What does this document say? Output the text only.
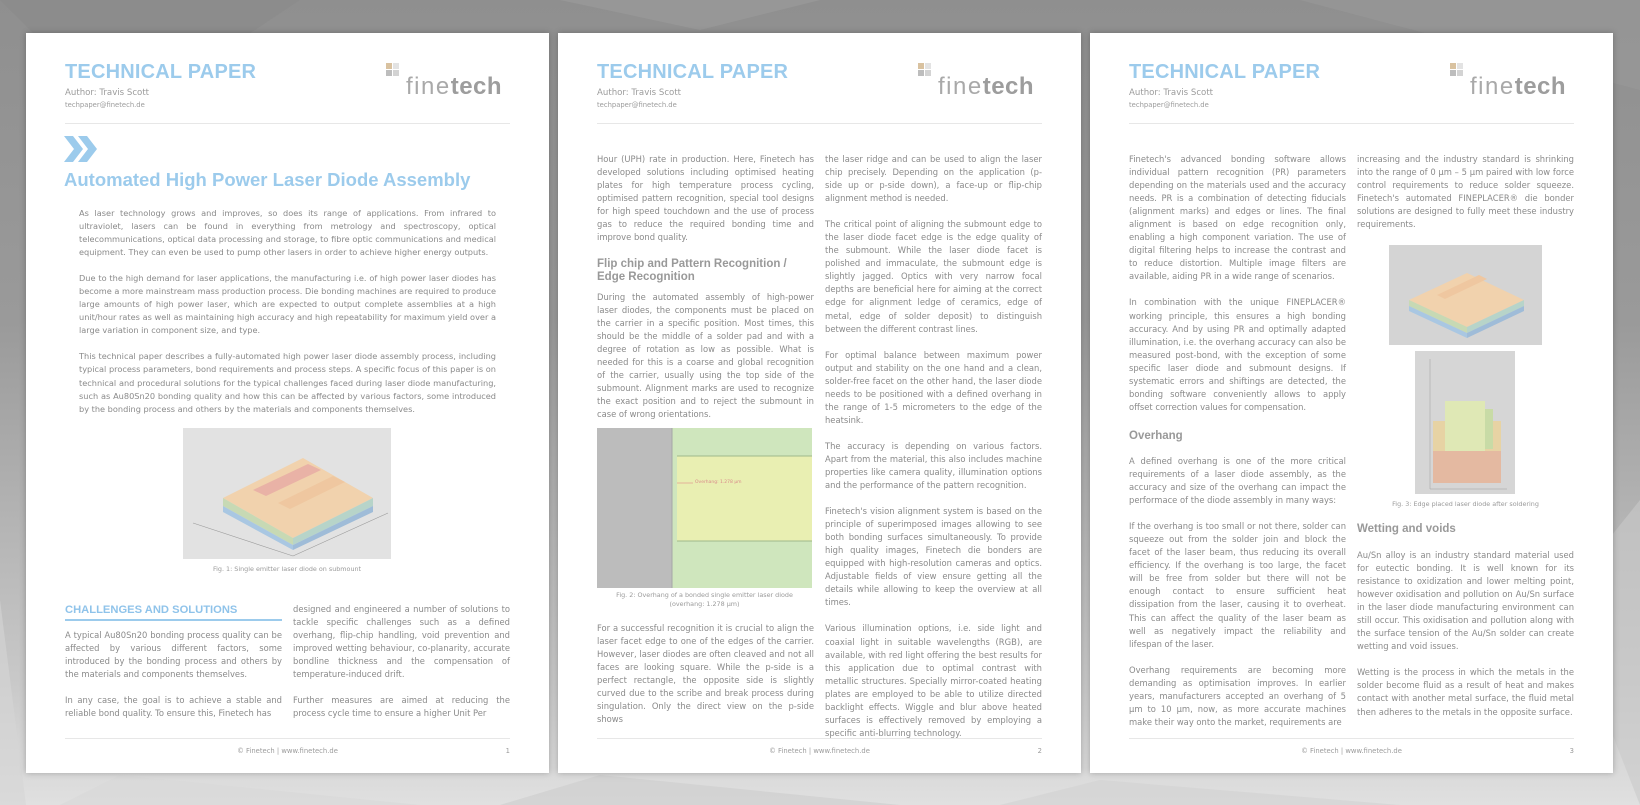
TECHNICAL PAPER
Author: Travis Scott
techpaper@finetech.de
finetech
Automated High Power Laser Diode Assembly

As laser technology grows and improves, so does its range of applications. From infrared to ultraviolet, lasers can be found in everything from metrology and spectroscopy, optical telecommunications, optical data processing and storage, to fibre optic communications and medical equipment. They can even be used to pump other lasers in order to achieve higher energy outputs.

Due to the high demand for laser applications, the manufacturing i.e. of high power laser diodes has become a more mainstream mass production process. Die bonding machines are required to produce large amounts of high power laser, which are expected to output complete assemblies at a high unit/hour rates as well as maintaining high accuracy and high repeatability for maximum yield over a large variation in component size, and type.

This technical paper describes a fully-automated high power laser diode assembly process, including typical process parameters, bond requirements and process steps. A specific focus of this paper is on technical and procedural solutions for the typical challenges faced during laser diode manufacturing, such as Au80Sn20 bonding quality and how this can be affected by various factors, some introduced by the bonding process and others by the materials and components themselves.

Fig. 1: Single emitter laser diode on submount
CHALLENGES AND SOLUTIONS

A typical Au80Sn20 bonding process quality can be affected by various different factors, some introduced by the bonding process and others by the materials and components themselves.

In any case, the goal is to achieve a stable and reliable bond quality. To ensure this, Finetech has

designed and engineered a number of solutions to tackle specific challenges such as a defined overhang, flip-chip handling, void prevention and improved wetting behaviour, co-planarity, accurate bondline thickness and the compensation of temperature-induced drift.

Further measures are aimed at reducing the process cycle time to ensure a higher Unit Per

© Finetech | www.finetech.de	1
TECHNICAL PAPER
Author: Travis Scott
techpaper@finetech.de
finetech

Hour (UPH) rate in production. Here, Finetech has developed solutions including optimised heating plates for high temperature process cycling, optimised pattern recognition, special tool designs for high speed touchdown and the use of process gas to reduce the required bonding time and improve bond quality.

Flip chip and Pattern Recognition / Edge Recognition

During the automated assembly of high-power laser diodes, the components must be placed on the carrier in a specific position. Most times, this should be the middle of a solder pad and with a degree of rotation as low as possible. What is needed for this is a coarse and global recognition of the carrier, usually using the top side of the submount. Alignment marks are used to recognize the exact position and to reject the submount in case of wrong orientations.

Overhang: 1.278 µm
Fig. 2: Overhang of a bonded single emitter laser diode (overhang: 1.278 µm)

For a successful recognition it is crucial to align the laser facet edge to one of the edges of the carrier. However, laser diodes are often cleaved and not all faces are looking square. While the p-side is a perfect rectangle, the opposite side is slightly curved due to the scribe and break process during singulation. Only the direct view on the p-side shows

the laser ridge and can be used to align the laser chip precisely. Depending on the application (p-side up or p-side down), a face-up or flip-chip alignment method is needed.

The critical point of aligning the submount edge to the laser diode facet edge is the edge quality of the submount. While the laser diode facet is polished and immaculate, the submount edge is slightly jagged. Optics with very narrow focal depths are beneficial here for aiming at the correct edge for alignment ledge of ceramics, edge of metal, edge of solder deposit) to distinguish between the different contrast lines.

For optimal balance between maximum power output and stability on the one hand and a clean, solder-free facet on the other hand, the laser diode needs to be positioned with a defined overhang in the range of 1-5 micrometers to the edge of the heatsink.

The accuracy is depending on various factors. Apart from the material, this also includes machine properties like camera quality, illumination options and the performance of the pattern recognition.

Finetech's vision alignment system is based on the principle of superimposed images allowing to see both bonding surfaces simultaneously. To provide high quality images, Finetech die bonders are equipped with high-resolution cameras and optics. Adjustable fields of view ensure getting all the details while allowing to keep the overview at all times.

Various illumination options, i.e. side light and coaxial light in suitable wavelengths (RGB), are available, with red light offering the best results for this application due to optimal contrast with metallic structures. Specially mirror-coated heating plates are employed to be able to utilize directed backlight effects. Wiggle and blur above heated surfaces is effectively removed by employing a specific anti-blurring technology.

© Finetech | www.finetech.de	2
TECHNICAL PAPER
Author: Travis Scott
techpaper@finetech.de
finetech

Finetech's advanced bonding software allows individual pattern recognition (PR) parameters depending on the materials used and the accuracy needs. PR is a combination of detecting fiducials (alignment marks) and edges or lines. The final alignment is based on edge recognition only, enabling a high component variation. The use of digital filtering helps to increase the contrast and to reduce distortion. Multiple image filters are available, aiding PR in a wide range of scenarios.

In combination with the unique FINEPLACER® working principle, this ensures a high bonding accuracy. And by using PR and optimally adapted illumination, i.e. the overhang accuracy can also be measured post-bond, with the exception of some specific laser diode and submount designs. If systematic errors and shiftings are detected, the bonding software conveniently allows to apply offset correction values for compensation.

Overhang

A defined overhang is one of the more critical requirements of a laser diode assembly, as the accuracy and size of the overhang can impact the performace of the diode assembly in many ways:

If the overhang is too small or not there, solder can squeeze out from the solder join and block the facet of the laser beam, thus reducing its overall efficiency. If the overhang is too large, the facet will be free from solder but there will not be enough contact to ensure sufficient heat dissipation from the laser, causing it to overheat. This can affect the quality of the laser beam as well as negatively impact the reliability and lifespan of the laser.

Overhang requirements are becoming more demanding as optimisation improves. In earlier years, manufacturers accepted an overhang of 5 µm to 10 µm, now, as more accurate machines make their way onto the market, requirements are

increasing and the industry standard is shrinking into the range of 0 µm – 5 µm paired with low force control requirements to reduce solder squeeze. Finetech's automated FINEPLACER® die bonder solutions are designed to fully meet these industry requirements.

Fig. 3: Edge placed laser diode after soldering
Wetting and voids

Au/Sn alloy is an industry standard material used for eutectic bonding. It is well known for its resistance to oxidization and lower melting point, however oxidisation and pollution on Au/Sn surface in the laser diode manufacturing environment can still occur. This oxidisation and pollution along with the surface tension of the Au/Sn solder can create wetting and void issues.

Wetting is the process in which the metals in the solder become fluid as a result of heat and makes contact with another metal surface, the fluid metal then adheres to the metals in the opposite surface.

© Finetech | www.finetech.de	3
